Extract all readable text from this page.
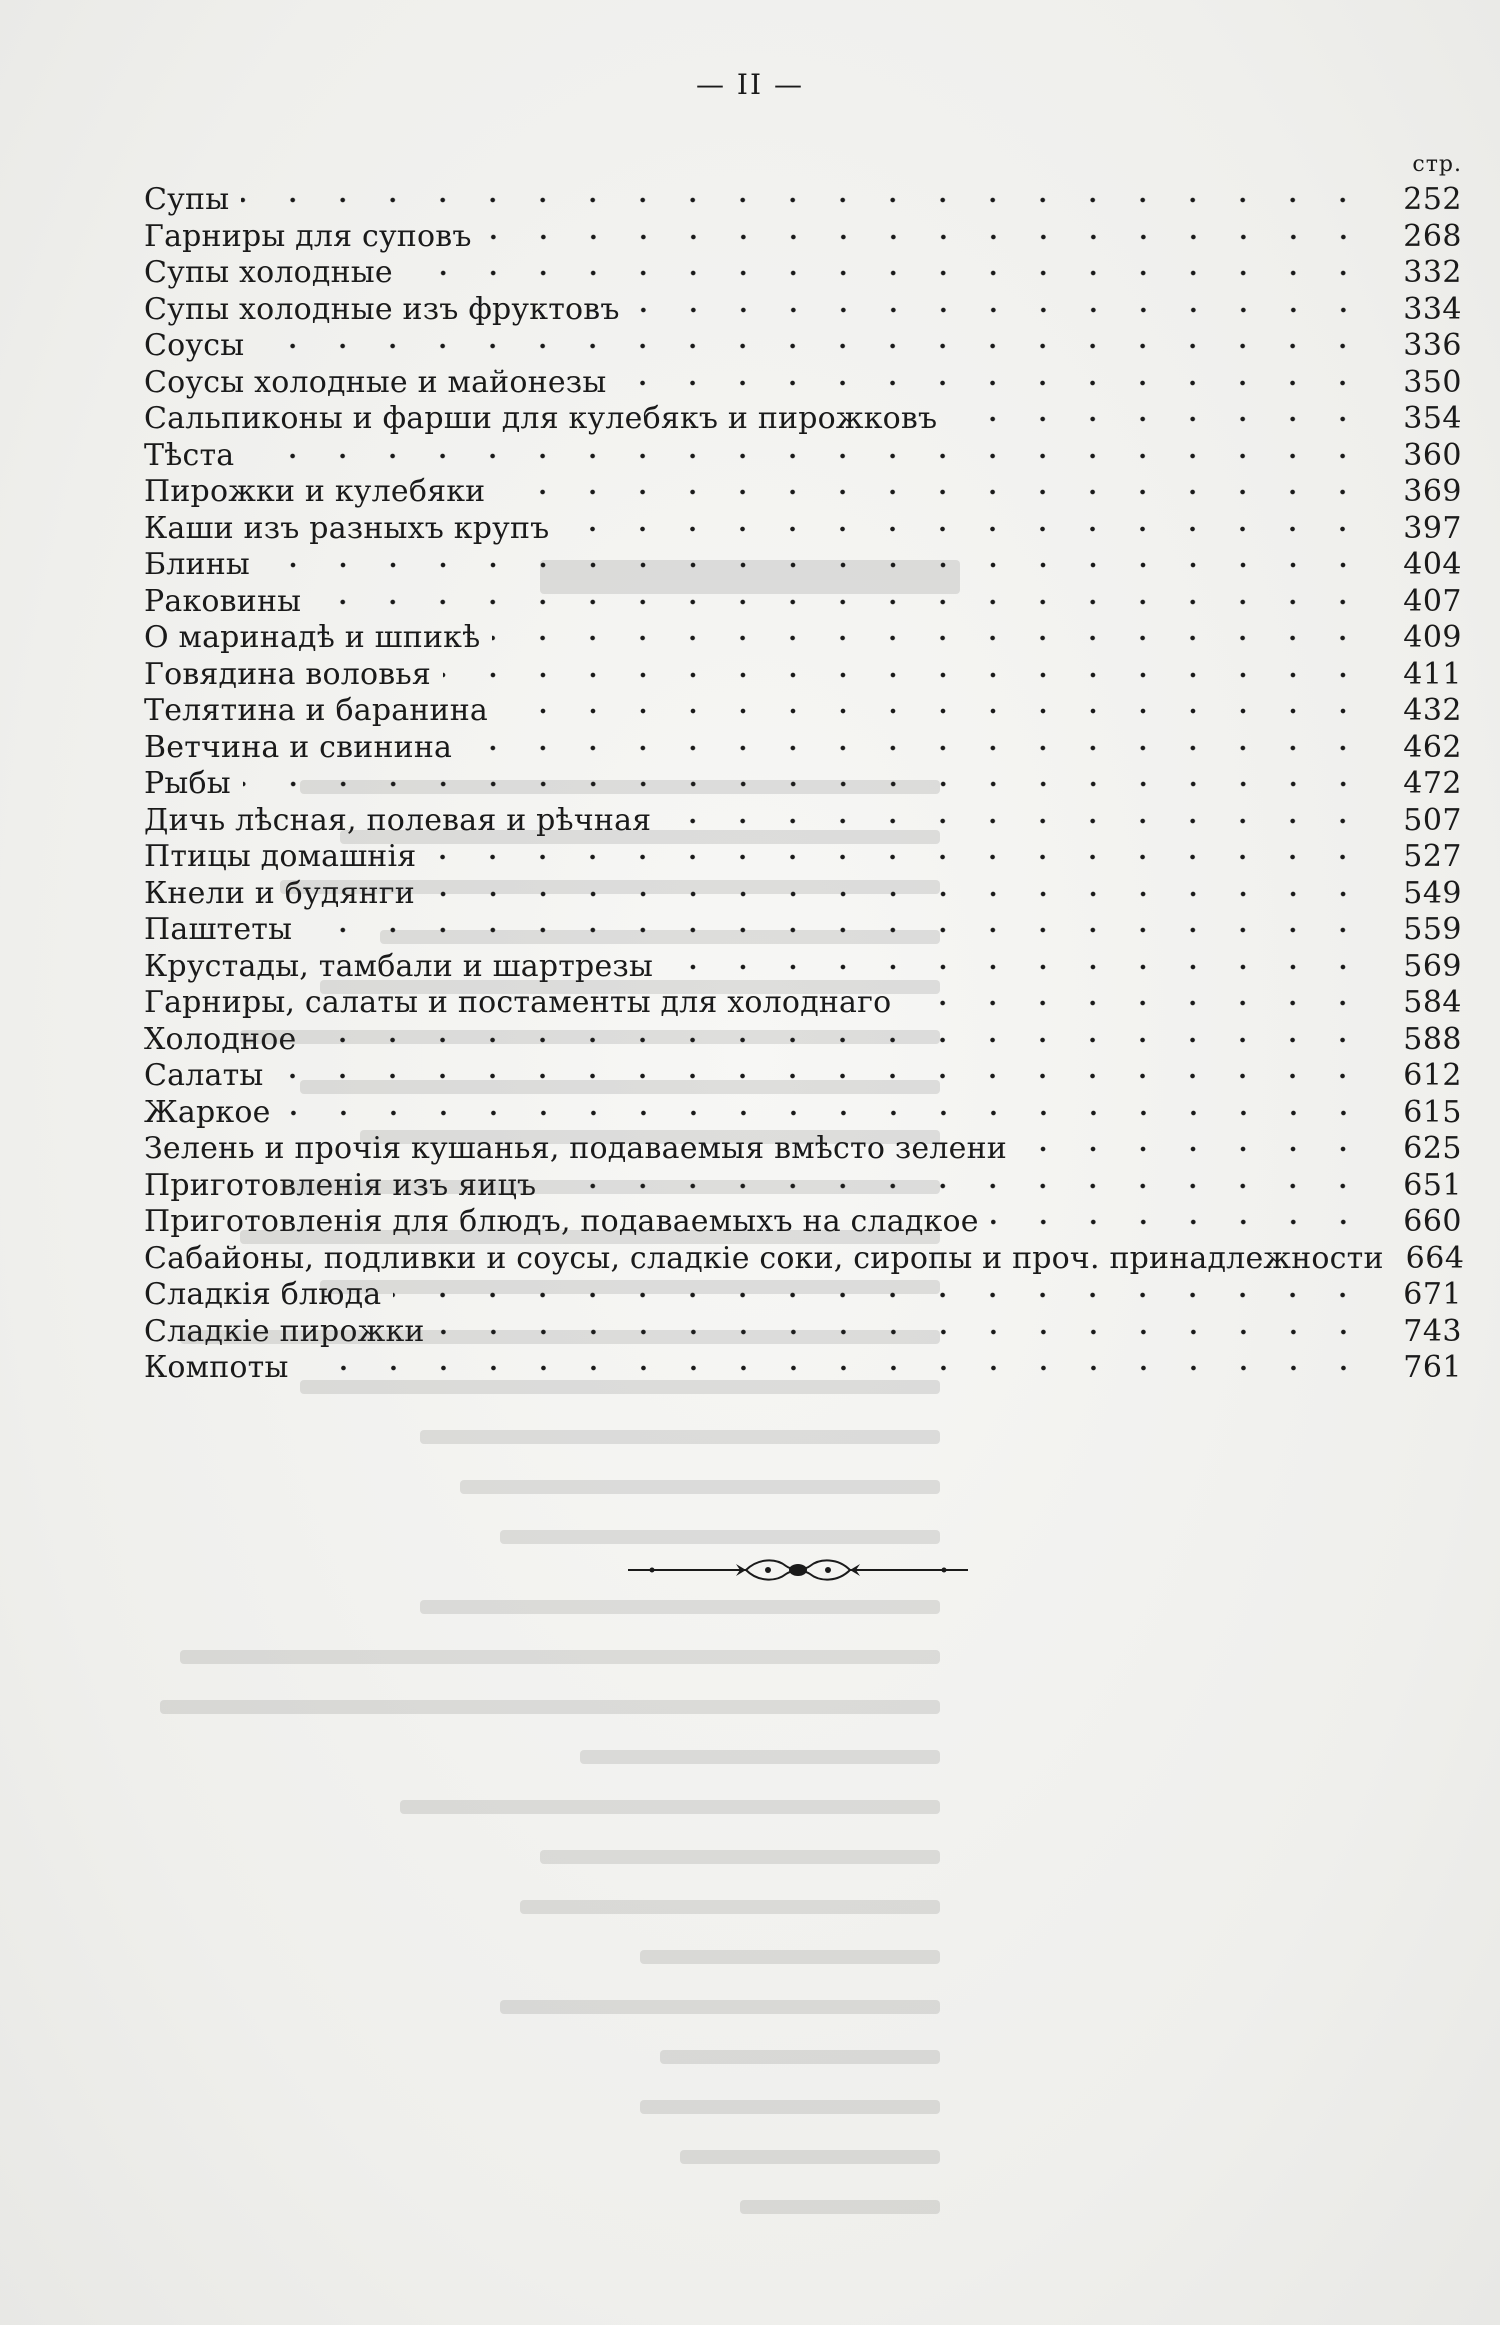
— II —
стр.
Супы	252
Гарниры для суповъ	268
Супы холодные	332
Супы холодные изъ фруктовъ	334
Соусы	336
Соусы холодные и майонезы	350
Сальпиконы и фарши для кулебякъ и пирожковъ	354
Тѣста	360
Пирожки и кулебяки	369
Каши изъ разныхъ крупъ	397
Блины	404
Раковины	407
О маринадѣ и шпикѣ	409
Говядина воловья	411
Телятина и баранина	432
Ветчина и свинина	462
Рыбы	472
Дичь лѣсная, полевая и рѣчная	507
Птицы домашнія	527
Кнели и будянги	549
Паштеты	559
Крустады, тамбали и шартрезы	569
Гарниры, салаты и постаменты для холоднаго	584
Холодное	588
Салаты	612
Жаркое	615
Зелень и прочія кушанья, подаваемыя вмѣсто зелени	625
Приготовленія изъ яицъ	651
Приготовленія для блюдъ, подаваемыхъ на сладкое	660
Сабайоны, подливки и соусы, сладкіе соки, сиропы и проч. принадлежности 664
Сладкія блюда	671
Сладкіе пирожки	743
Компоты	761
